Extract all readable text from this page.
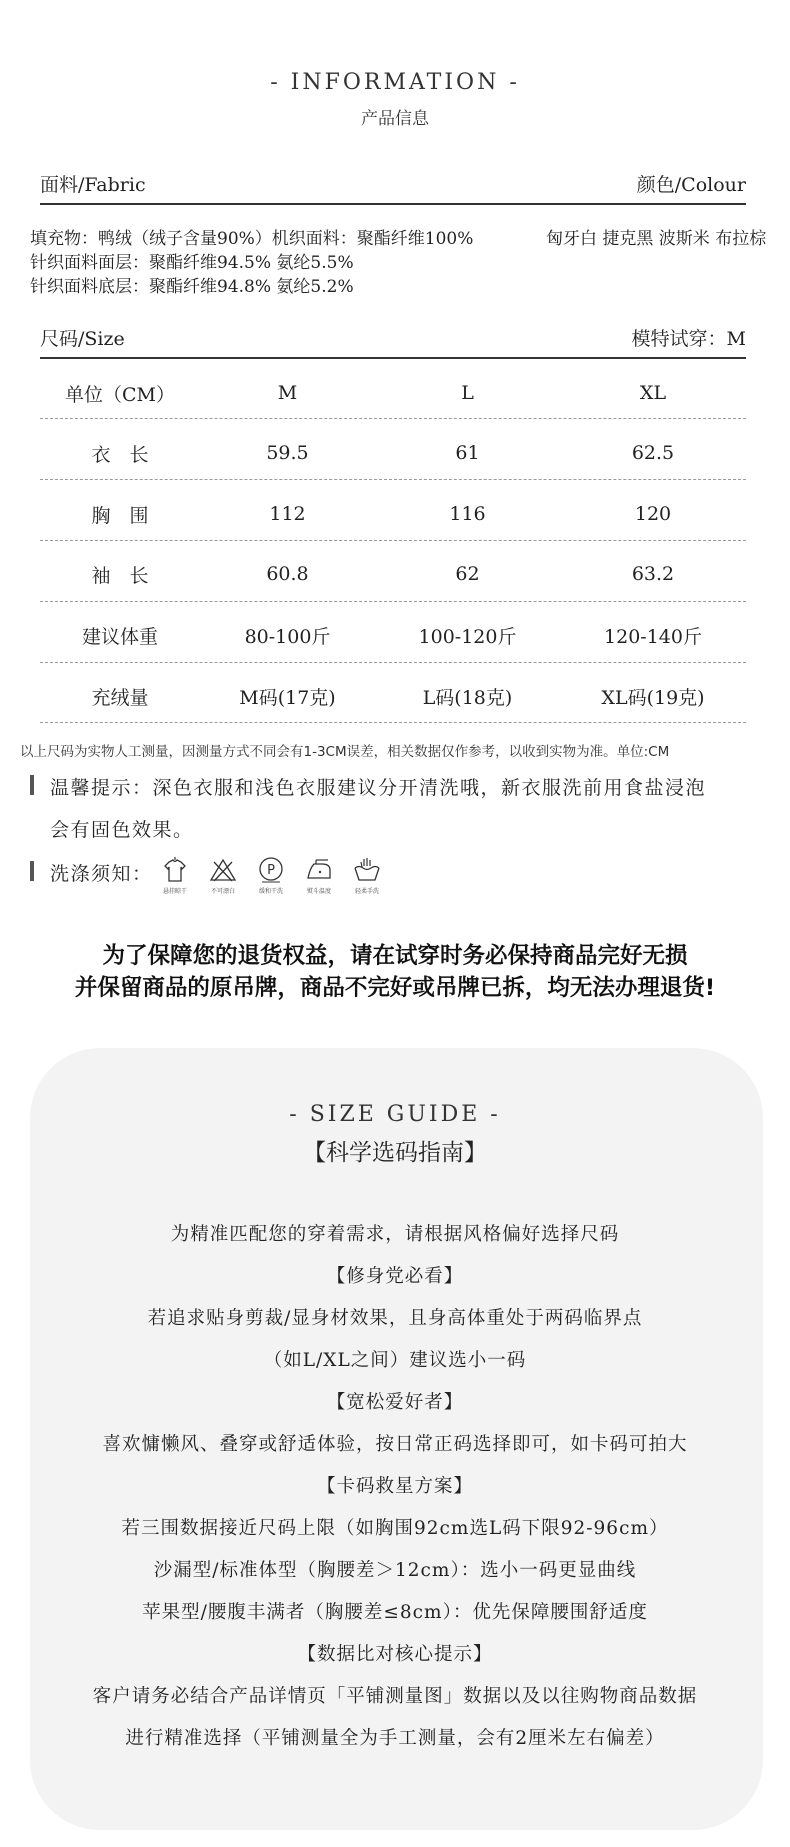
- INFORMATION -
产品信息
面料/Fabric	颜色/Colour
填充物：鸭绒（绒子含量90%）机织面料：聚酯纤维100%	匈牙白 捷克黑 波斯米 布拉棕
针织面料面层：聚酯纤维94.5% 氨纶5.5%
针织面料底层：聚酯纤维94.8% 氨纶5.2%
尺码/Size	模特试穿：M
单位（CM）	M	L	XL
衣　长	59.5	61	62.5
胸　围	112	116	120
袖　长	60.8	62	63.2
建议体重	80-100斤	100-120斤	120-140斤
充绒量	M码(17克)	L码(18克)	XL码(19克)
以上尺码为实物人工测量，因测量方式不同会有1-3CM误差，相关数据仅作参考，以收到实物为准。单位:CM
温馨提示：深色衣服和浅色衣服建议分开清洗哦，新衣服洗前用食盐浸泡
会有固色效果。
洗涤须知：
悬挂晾干	不可漂白
P
缓和干洗	熨斗温度	轻柔手洗
为了保障您的退货权益，请在试穿时务必保持商品完好无损
并保留商品的原吊牌，商品不完好或吊牌已拆，均无法办理退货!
- SIZE GUIDE -
【科学选码指南】
为精准匹配您的穿着需求，请根据风格偏好选择尺码
【修身党必看】
若追求贴身剪裁/显身材效果，且身高体重处于两码临界点
（如L/XL之间）建议选小一码
【宽松爱好者】
喜欢慵懒风、叠穿或舒适体验，按日常正码选择即可，如卡码可拍大
【卡码救星方案】
若三围数据接近尺码上限（如胸围92cm选L码下限92-96cm）
沙漏型/标准体型（胸腰差＞12cm）：选小一码更显曲线
苹果型/腰腹丰满者（胸腰差≤8cm）：优先保障腰围舒适度
【数据比对核心提示】
客户请务必结合产品详情页「平铺测量图」数据以及以往购物商品数据
进行精准选择（平铺测量全为手工测量，会有2厘米左右偏差）
